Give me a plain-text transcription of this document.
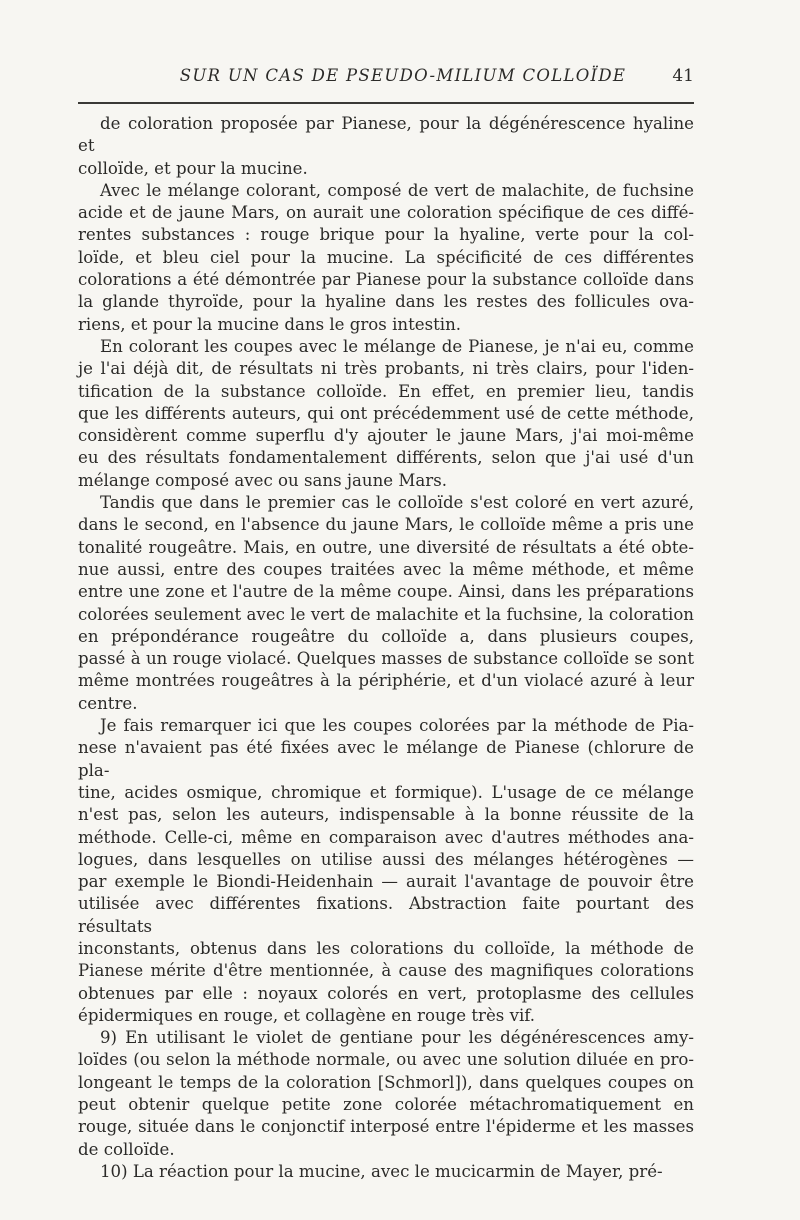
SUR UN CAS DE PSEUDO-MILIUM COLLOÏDE	41

de coloration proposée par Pianese, pour la dégénérescence hyaline et
colloïde, et pour la mucine.

Avec le mélange colorant, composé de vert de malachite, de fuchsine
acide et de jaune Mars, on aurait une coloration spécifique de ces diffé-
rentes substances : rouge brique pour la hyaline, verte pour la col-
loïde, et bleu ciel pour la mucine. La spécificité de ces différentes
colorations a été démontrée par Pianese pour la substance colloïde dans
la glande thyroïde, pour la hyaline dans les restes des follicules ova-
riens, et pour la mucine dans le gros intestin.

En colorant les coupes avec le mélange de Pianese, je n'ai eu, comme
je l'ai déjà dit, de résultats ni très probants, ni très clairs, pour l'iden-
tification de la substance colloïde. En effet, en premier lieu, tandis
que les différents auteurs, qui ont précédemment usé de cette méthode,
considèrent comme superflu d'y ajouter le jaune Mars, j'ai moi-même
eu des résultats fondamentalement différents, selon que j'ai usé d'un
mélange composé avec ou sans jaune Mars.

Tandis que dans le premier cas le colloïde s'est coloré en vert azuré,
dans le second, en l'absence du jaune Mars, le colloïde même a pris une
tonalité rougeâtre. Mais, en outre, une diversité de résultats a été obte-
nue aussi, entre des coupes traitées avec la même méthode, et même
entre une zone et l'autre de la même coupe. Ainsi, dans les préparations
colorées seulement avec le vert de malachite et la fuchsine, la coloration
en prépondérance rougeâtre du colloïde a, dans plusieurs coupes,
passé à un rouge violacé. Quelques masses de substance colloïde se sont
même montrées rougeâtres à la périphérie, et d'un violacé azuré à leur
centre.

Je fais remarquer ici que les coupes colorées par la méthode de Pia-
nese n'avaient pas été fixées avec le mélange de Pianese (chlorure de pla-
tine, acides osmique, chromique et formique). L'usage de ce mélange
n'est pas, selon les auteurs, indispensable à la bonne réussite de la
méthode. Celle-ci, même en comparaison avec d'autres méthodes ana-
logues, dans lesquelles on utilise aussi des mélanges hétérogènes —
par exemple le Biondi-Heidenhain — aurait l'avantage de pouvoir être
utilisée avec différentes fixations. Abstraction faite pourtant des résultats
inconstants, obtenus dans les colorations du colloïde, la méthode de
Pianese mérite d'être mentionnée, à cause des magnifiques colorations
obtenues par elle : noyaux colorés en vert, protoplasme des cellules
épidermiques en rouge, et collagène en rouge très vif.

9) En utilisant le violet de gentiane pour les dégénérescences amy-
loïdes (ou selon la méthode normale, ou avec une solution diluée en pro-
longeant le temps de la coloration [Schmorl]), dans quelques coupes on
peut obtenir quelque petite zone colorée métachromatiquement en
rouge, située dans le conjonctif interposé entre l'épiderme et les masses
de colloïde.

10) La réaction pour la mucine, avec le mucicarmin de Mayer, pré-
